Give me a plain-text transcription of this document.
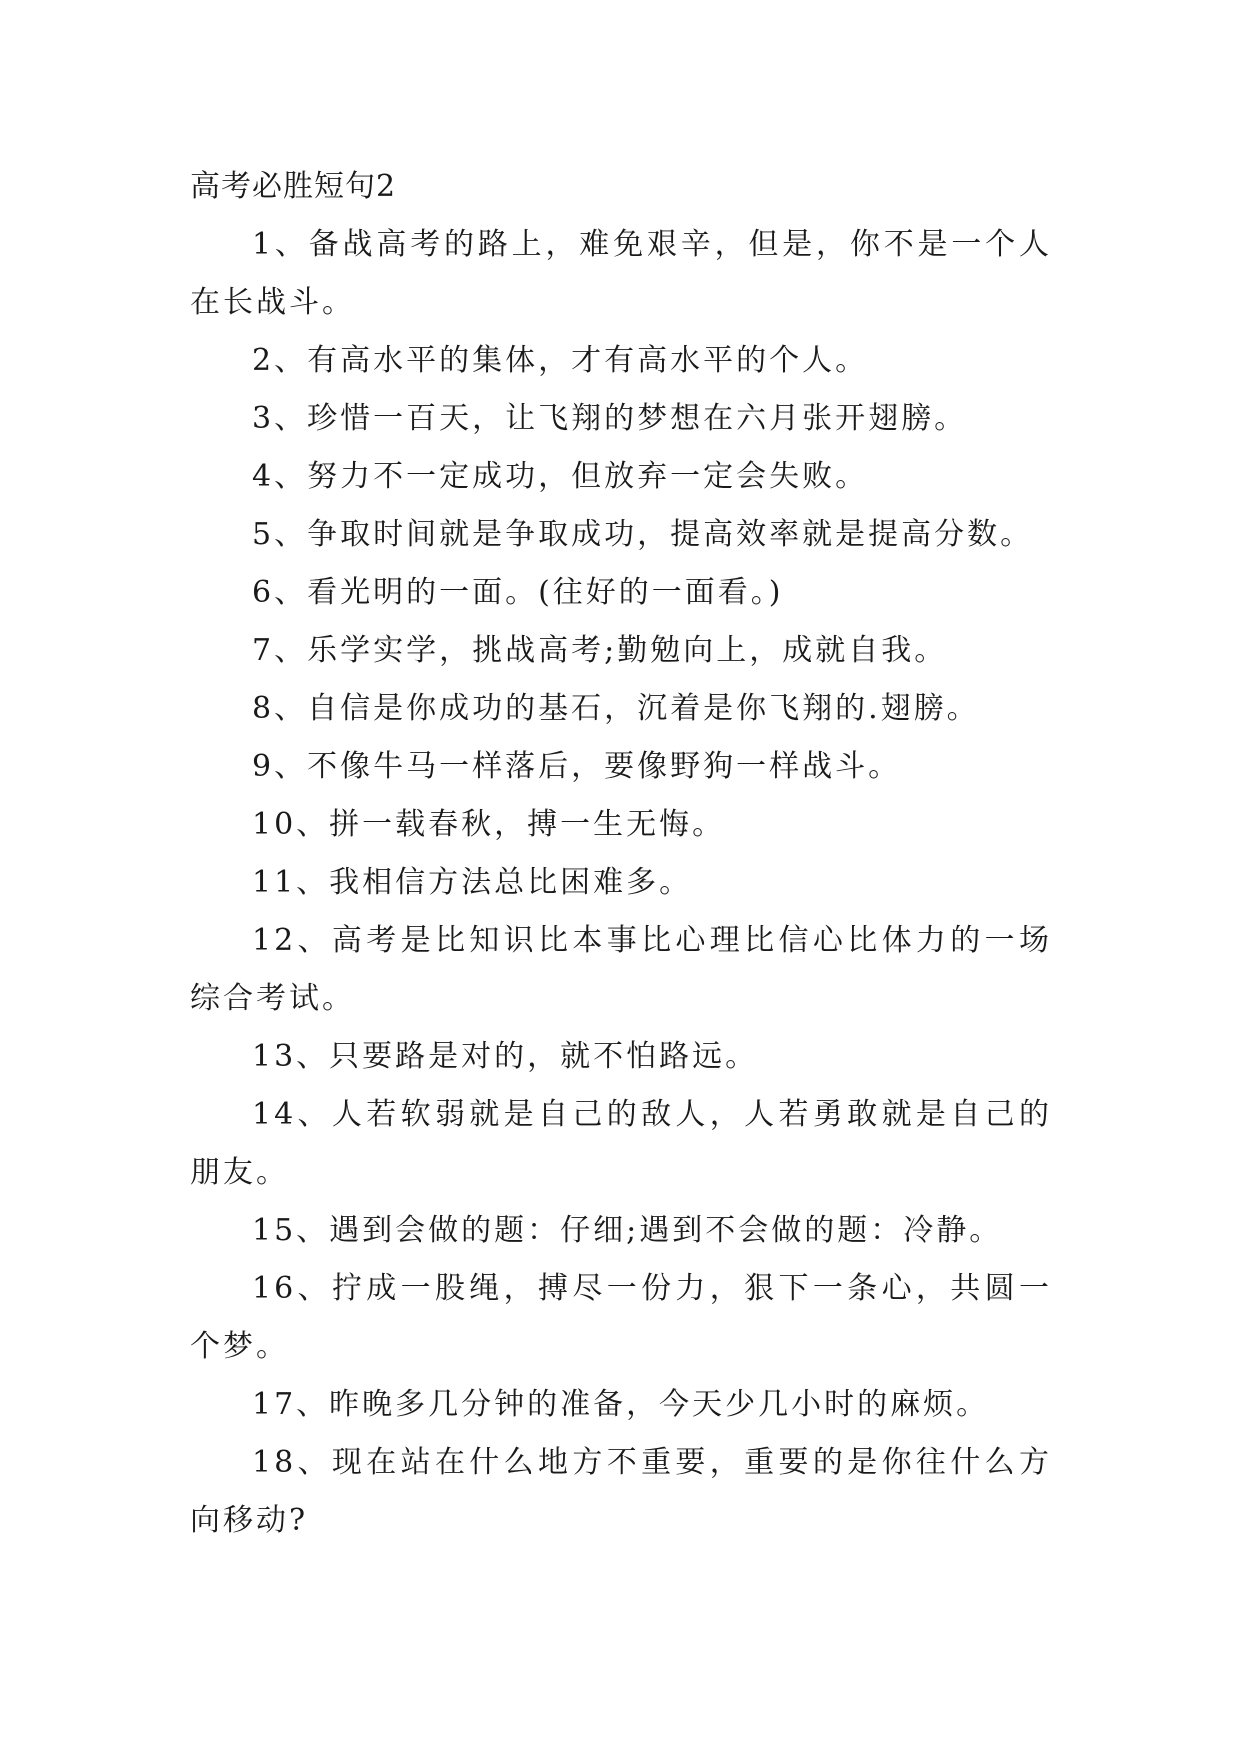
高考必胜短句2

1、备战高考的路上，难免艰辛，但是，你不是一个人在长战斗。

2、有高水平的集体，才有高水平的个人。

3、珍惜一百天，让飞翔的梦想在六月张开翅膀。

4、努力不一定成功，但放弃一定会失败。

5、争取时间就是争取成功，提高效率就是提高分数。

6、看光明的一面。(往好的一面看。)

7、乐学实学，挑战高考;勤勉向上，成就自我。

8、自信是你成功的基石，沉着是你飞翔的.翅膀。

9、不像牛马一样落后，要像野狗一样战斗。

10、拼一载春秋，搏一生无悔。

11、我相信方法总比困难多。

12、高考是比知识比本事比心理比信心比体力的一场综合考试。

13、只要路是对的，就不怕路远。

14、人若软弱就是自己的敌人，人若勇敢就是自己的朋友。

15、遇到会做的题：仔细;遇到不会做的题：冷静。

16、拧成一股绳，搏尽一份力，狠下一条心，共圆一个梦。

17、昨晚多几分钟的准备，今天少几小时的麻烦。

18、现在站在什么地方不重要，重要的是你往什么方向移动?
